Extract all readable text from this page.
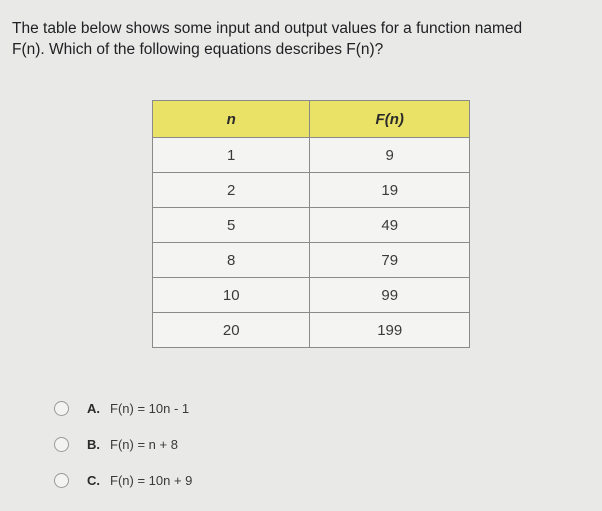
The table below shows some input and output values for a function named
F(n). Which of the following equations describes F(n)?
n	F(n)
1	9
2	19
5	49
8	79
10	99
20	199
A. F(n) = 10n - 1
B. F(n) = n + 8
C. F(n) = 10n + 9
